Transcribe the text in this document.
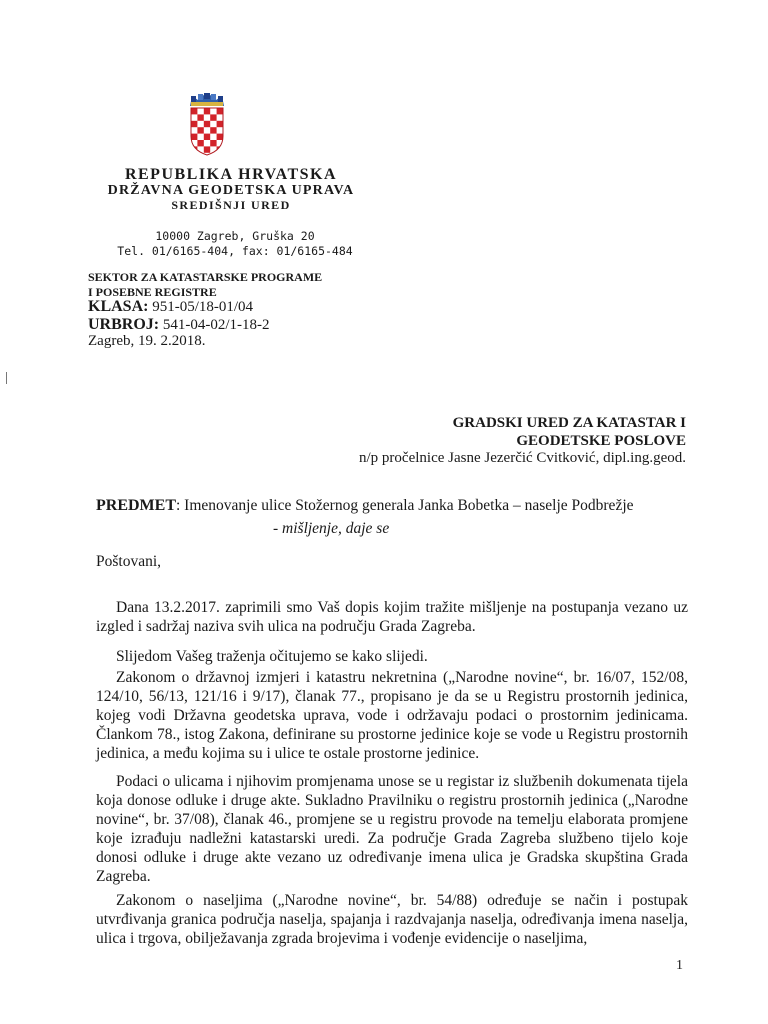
REPUBLIKA HRVATSKA
DRŽAVNA GEODETSKA UPRAVA
SREDIŠNJI URED
10000 Zagreb, Gruška 20
Tel. 01/6165-404, fax: 01/6165-484
SEKTOR ZA KATASTARSKE PROGRAME
I POSEBNE REGISTRE
KLASA: 951-05/18-01/04
URBROJ: 541-04-02/1-18-2
Zagreb, 19. 2.2018.
GRADSKI URED ZA KATASTAR I
GEODETSKE POSLOVE
n/p pročelnice Jasne Jezerčić Cvitković, dipl.ing.geod.
PREDMET: Imenovanje ulice Stožernog generala Janka Bobetka – naselje Podbrežje
- mišljenje, daje se
Poštovani,
Dana 13.2.2017. zaprimili smo Vaš dopis kojim tražite mišljenje na postupanja vezano uz izgled i sadržaj naziva svih ulica na području Grada Zagreba.
Slijedom Vašeg traženja očitujemo se kako slijedi.
Zakonom o državnoj izmjeri i katastru nekretnina („Narodne novine“, br. 16/07, 152/08, 124/10, 56/13, 121/16 i 9/17), članak 77., propisano je da se u Registru prostornih jedinica, kojeg vodi Državna geodetska uprava, vode i održavaju podaci o prostornim jedinicama. Člankom 78., istog Zakona, definirane su prostorne jedinice koje se vode u Registru prostornih jedinica, a među kojima su i ulice te ostale prostorne jedinice.
Podaci o ulicama i njihovim promjenama unose se u registar iz službenih dokumenata tijela koja donose odluke i druge akte. Sukladno Pravilniku o registru prostornih jedinica („Narodne novine“, br. 37/08), članak 46., promjene se u registru provode na temelju elaborata promjene koje izrađuju nadležni katastarski uredi. Za područje Grada Zagreba službeno tijelo koje donosi odluke i druge akte vezano uz određivanje imena ulica je Gradska skupština Grada Zagreba.
Zakonom o naseljima („Narodne novine“, br. 54/88) određuje se način i postupak utvrđivanja granica područja naselja, spajanja i razdvajanja naselja, određivanja imena naselja, ulica i trgova, obilježavanja zgrada brojevima i vođenje evidencije o naseljima,
1
